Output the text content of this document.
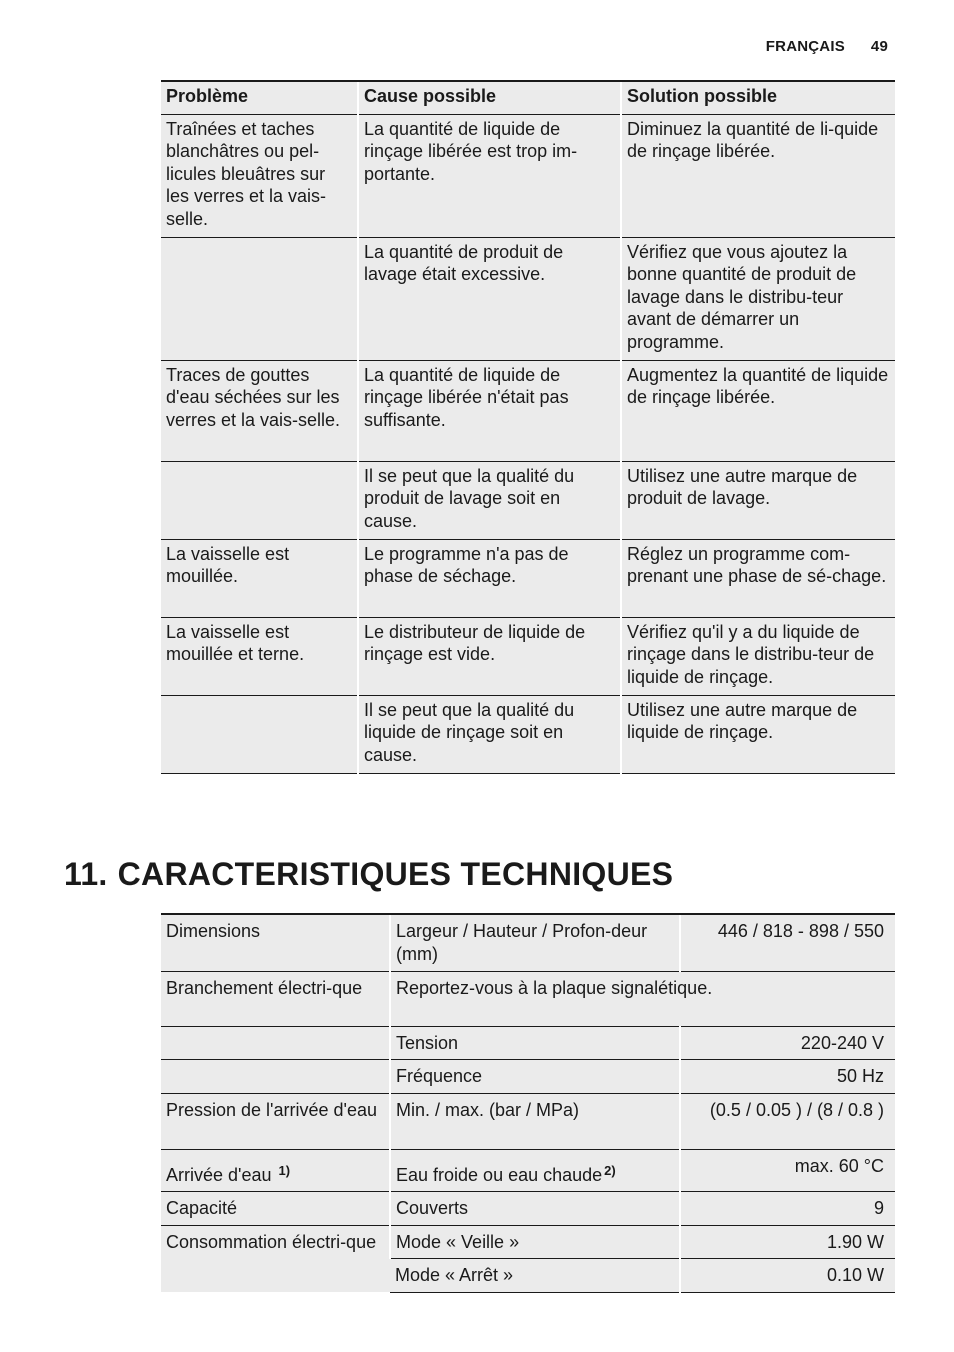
FRANÇAIS 49
Problème	Cause possible	Solution possible
Traînées et taches blanchâtres ou pel-licules bleuâtres sur les verres et la vais-selle.	La quantité de liquide de rinçage libérée est trop im-portante.	Diminuez la quantité de li-quide de rinçage libérée.
	La quantité de produit de lavage était excessive.	Vérifiez que vous ajoutez la bonne quantité de produit de lavage dans le distribu-teur avant de démarrer un programme.
Traces de gouttes d'eau séchées sur les verres et la vais-selle.	La quantité de liquide de rinçage libérée n'était pas suffisante.	Augmentez la quantité de liquide de rinçage libérée.
	Il se peut que la qualité du produit de lavage soit en cause.	Utilisez une autre marque de produit de lavage.
La vaisselle est mouillée.	Le programme n'a pas de phase de séchage.	Réglez un programme com-prenant une phase de sé-chage.
La vaisselle est mouillée et terne.	Le distributeur de liquide de rinçage est vide.	Vérifiez qu'il y a du liquide de rinçage dans le distribu-teur de liquide de rinçage.
	Il se peut que la qualité du liquide de rinçage soit en cause.	Utilisez une autre marque de liquide de rinçage.
11. CARACTERISTIQUES TECHNIQUES
Dimensions	Largeur / Hauteur / Profon-deur (mm)	446 / 818 - 898 / 550
Branchement électri-que	Reportez-vous à la plaque signalétique.	
	Tension	220-240 V
	Fréquence	50 Hz
Pression de l'arrivée d'eau	Min. / max. (bar / MPa)	(0.5 / 0.05 ) / (8 / 0.8 )
Arrivée d'eau $^{1)}$	Eau froide ou eau chaude $^{2)}$	max. 60 °C
Capacité	Couverts	9
Consommation électri-que	Mode « Veille »	1.90 W
	Mode « Arrêt »	0.10 W
